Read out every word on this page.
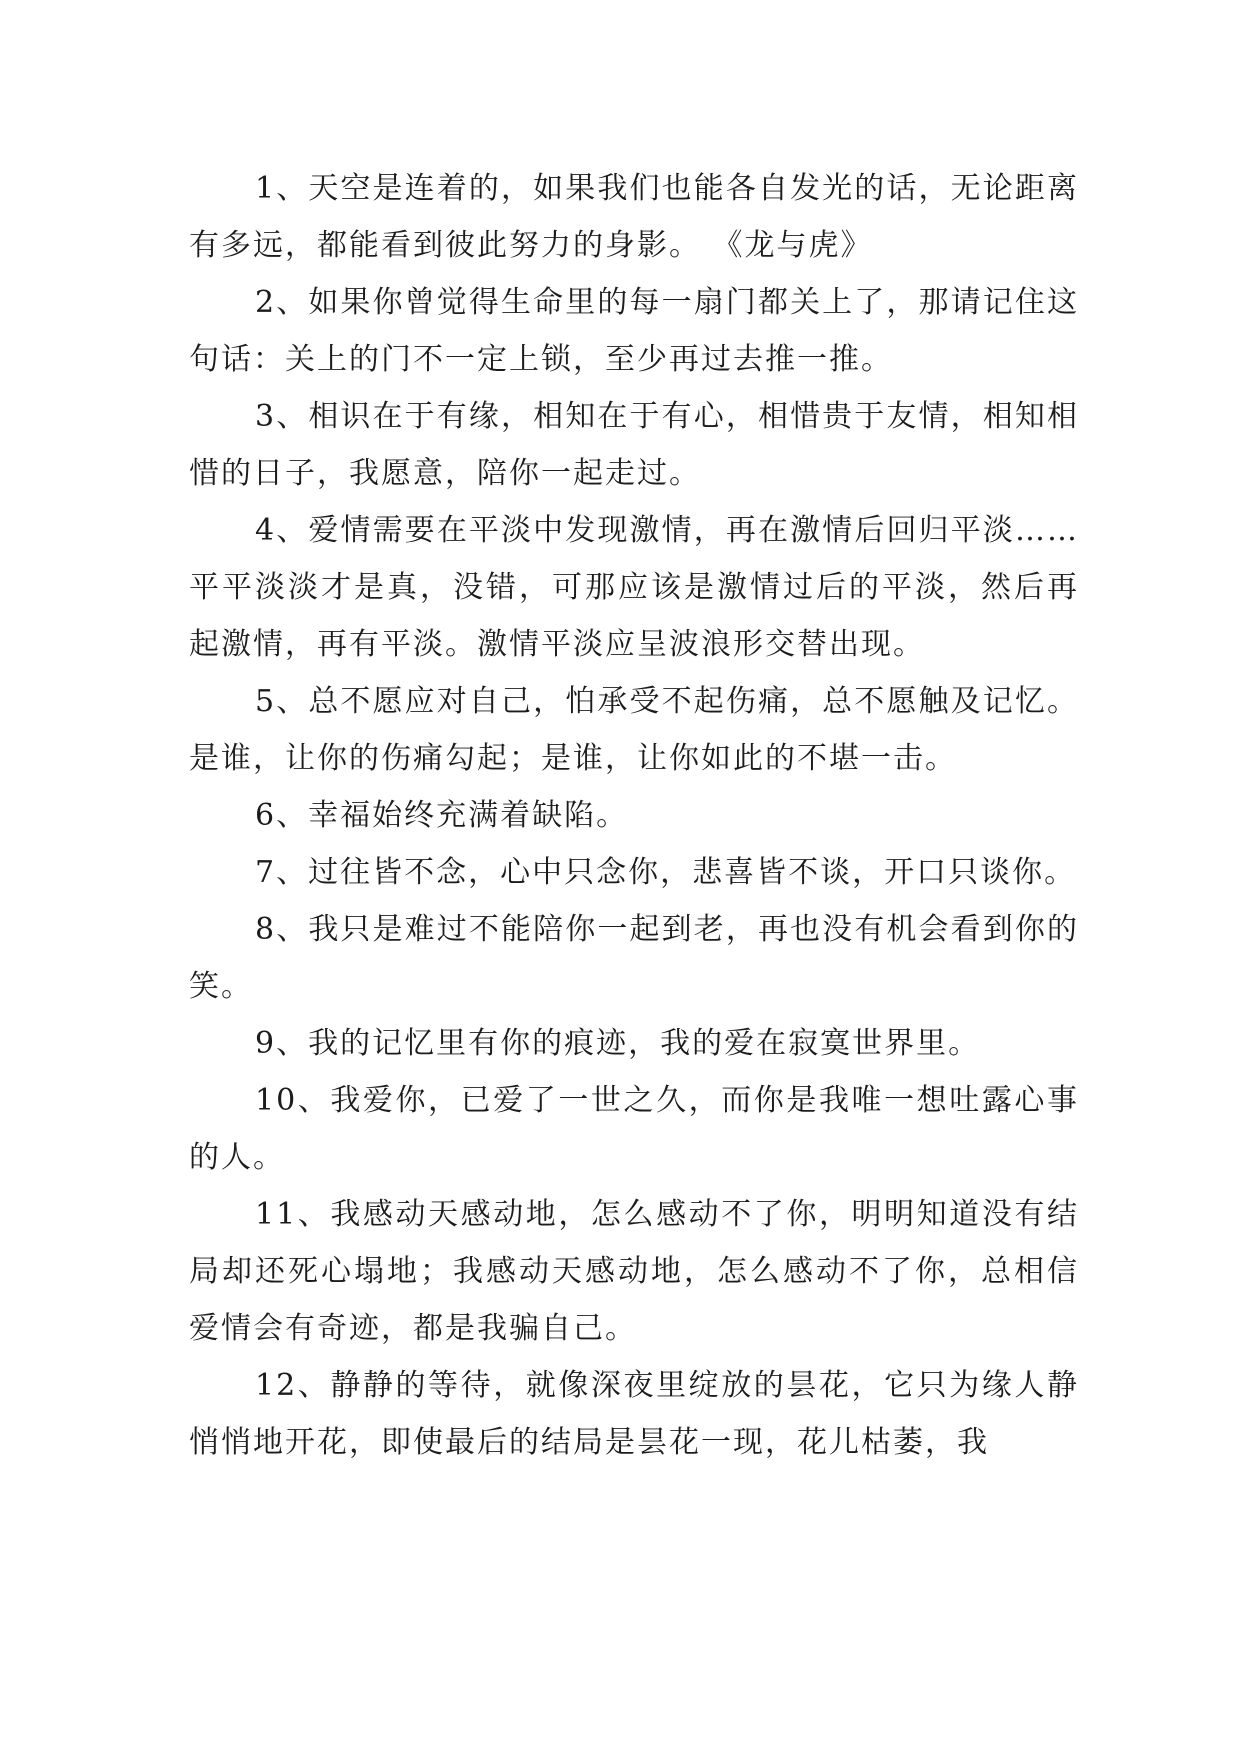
1、天空是连着的，如果我们也能各自发光的话，无论距离有多远，都能看到彼此努力的身影。 《龙与虎》

2、如果你曾觉得生命里的每一扇门都关上了，那请记住这句话：关上的门不一定上锁，至少再过去推一推。

3、相识在于有缘，相知在于有心，相惜贵于友情，相知相惜的日子，我愿意，陪你一起走过。

4、爱情需要在平淡中发现激情，再在激情后回归平淡……平平淡淡才是真，没错，可那应该是激情过后的平淡，然后再起激情，再有平淡。激情平淡应呈波浪形交替出现。

5、总不愿应对自己，怕承受不起伤痛，总不愿触及记忆。是谁，让你的伤痛勾起；是谁，让你如此的不堪一击。

6、幸福始终充满着缺陷。

7、过往皆不念，心中只念你，悲喜皆不谈，开口只谈你。

8、我只是难过不能陪你一起到老，再也没有机会看到你的笑。

9、我的记忆里有你的痕迹，我的爱在寂寞世界里。

10、我爱你，已爱了一世之久，而你是我唯一想吐露心事的人。

11、我感动天感动地，怎么感动不了你，明明知道没有结局却还死心塌地；我感动天感动地，怎么感动不了你，总相信爱情会有奇迹，都是我骗自己。

12、静静的等待，就像深夜里绽放的昙花，它只为缘人静悄悄地开花，即使最后的结局是昙花一现，花儿枯萎，我
